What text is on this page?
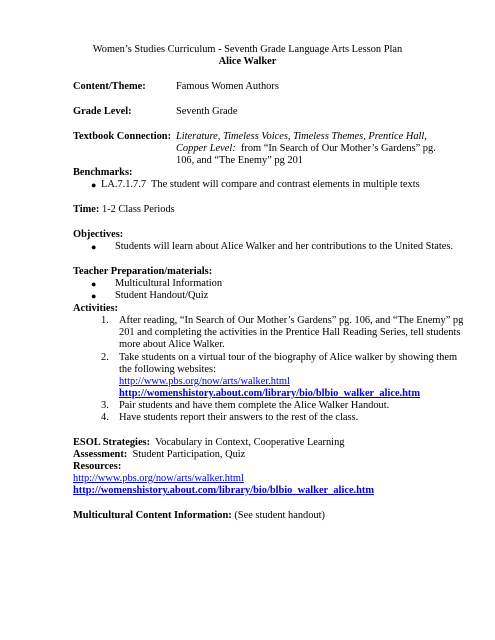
Women’s Studies Curriculum - Seventh Grade Language Arts Lesson Plan
Alice Walker
Content/Theme:	Famous Women Authors
Grade Level:	Seventh Grade
Textbook Connection: Literature, Timeless Voices, Timeless Themes, Prentice Hall,
Copper Level:  from “In Search of Our Mother’s Gardens” pg.
106, and “The Enemy” pg 201
Benchmarks:
● LA.7.1.7.7  The student will compare and contrast elements in multiple texts
Time: 1-2 Class Periods
Objectives:
● Students will learn about Alice Walker and her contributions to the United States.
Teacher Preparation/materials:
● Multicultural Information
● Student Handout/Quiz
Activities:
1. After reading, “In Search of Our Mother’s Gardens” pg. 106, and “The Enemy” pg
201 and completing the activities in the Prentice Hall Reading Series, tell students
more about Alice Walker.
2. Take students on a virtual tour of the biography of Alice walker by showing them
the following websites:
http://www.pbs.org/now/arts/walker.html
http://womenshistory.about.com/library/bio/blbio_walker_alice.htm
3. Pair students and have them complete the Alice Walker Handout.
4. Have students report their answers to the rest of the class.
ESOL Strategies:  Vocabulary in Context, Cooperative Learning
Assessment:  Student Participation, Quiz
Resources:
http://www.pbs.org/now/arts/walker.html
http://womenshistory.about.com/library/bio/blbio_walker_alice.htm
Multicultural Content Information: (See student handout)
